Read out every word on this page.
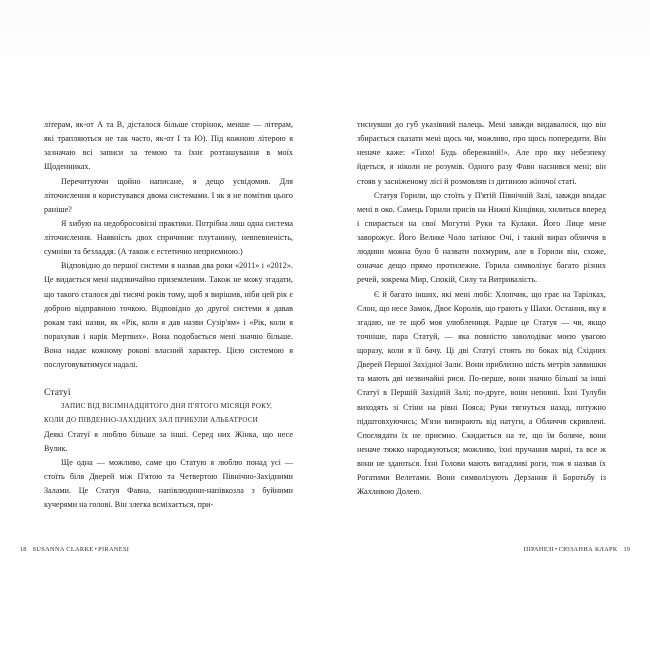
літерам, як-от А та В, дісталося більше сторінок, менше — літерам, які трапляються не так часто, як-от І та Ю). Під кожною літерою я зазначаю всі записи за темою та їхнє розташування в моїх Щоденниках.

Перечитуючи щойно написане, я дещо усвідомив. Для літочислення я користувався двома системами. І як я не помітив цього раніше?

Я хибую на недобросовісні практики. Потрібна лиш одна система літочислення. Наявність двох спричиняє плутанину, невпевненість, сумніви та безладдя. (А також є естетично неприємною.)

Відповідно до першої системи я назвав два роки «2011» і «2012». Це видається мені надзвичайно приземленим. Також не можу згадати, що такого сталося дві тисячі років тому, щоб я вирішив, ніби цей рік є доброю відправною точкою. Відповідно до другої системи я давав рокам такі назви, як «Рік, коли я дав назви Сузір'ям» і «Рік, коли я порахував і нарік Мертвих». Вона подобається мені значно більше. Вона надає кожному рокові власний характер. Цією системою я послуговуватимуся надалі.

Статуї

ЗАПИС ВІД ВІСІМНАДЦЯТОГО ДНЯ П'ЯТОГО МІСЯЦЯ РОКУ, КОЛИ ДО ПІВДЕННО-ЗАХІДНИХ ЗАЛ ПРИБУЛИ АЛЬБАТРОСИ

Деякі Статуї я люблю більше за інші. Серед них Жінка, що несе Вулик.

Ще одна — можливо, саме цю Статую я люблю понад усі — стоїть біля Дверей між П'ятою та Четвертою Північно-Західними Залами. Це Статуя Фавна, напівлюдини-напівкозла з буйними кучерями на голові. Він злегка всміхається, при-

18 SUSANNA CLARKE•PIRANESI

тиснувши до губ указівний палець. Мені завжди видавалося, що він збирається сказати мені щось чи, можливо, про щось попередити. Він неначе каже: «Тихо! Будь обережний!». Але про яку небезпеку йдеться, я ніколи не розумів. Одного разу Фавн наснився мені; він стояв у засніженому лісі й розмовляв із дитиною жіночої статі.

Статуя Горили, що стоїть у П'ятій Північній Залі, завжди впадає мені в око. Самець Горили присів на Нижні Кінцівки, хилиться вперед і спирається на свої Могутні Руки та Кулаки. Його Лице мене заворожує. Його Велике Чоло затінює Очі, і такий вираз обличчя в людини можна було б назвати похмурим, але в Горили він, схоже, означає дещо прямо протилежне. Горила символізує багато різних речей, зокрема Мир, Спокій, Силу та Витривалість.

Є й багато інших, які мені любі: Хлопчик, що грає на Тарілках, Слон, що несе Замок, Двоє Королів, що грають у Шахи. Остання, яку я згадаю, не те щоб моя улюблениця. Радше це Статуя — чи, якщо точніше, пара Статуй, — яка повністю заволодіває моєю увагою щоразу, коли я її бачу. Ці дві Статуї стоять по боках від Східних Дверей Першої Західної Зали. Вони приблизно шість метрів заввишки та мають дві незвичайні риси. По-перше, вони значно більші за інші Статуї в Першій Західній Залі; по-друге, вони неповні. Їхні Тулуби виходять зі Стіни на рівні Пояса; Руки тягнуться назад, потужно підштовхуючись; М'язи випирають від натуги, а Обличчя скривлені. Споглядати їх не приємно. Скидається на те, що їм боляче, вони неначе тяжко народжуються; можливо, їхні пручання марні, та все ж вони не здаються. Їхні Голови мають вигадливі роги, тож я назвав їх Рогатими Велетами. Вони символізують Дерзання й Боротьбу із Жахливою Долею.

ПІРАНЕЗІ•СЮЗАННА КЛАРК 19
